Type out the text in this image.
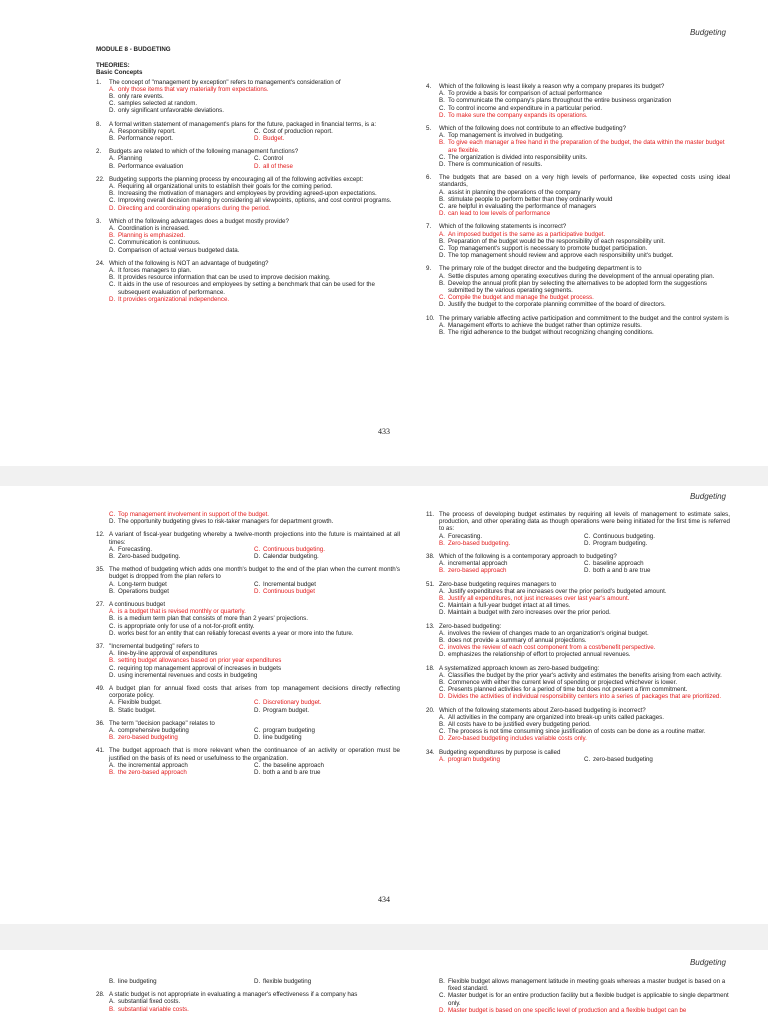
Budgeting
MODULE 8 - BUDGETING
THEORIES:
Basic Concepts
1.	The concept of "management by exception" refers to management's consideration of
A. only those items that vary materially from expectations.
B. only rare events.
C. samples selected at random.
D. only significant unfavorable deviations.
8.	A formal written statement of management's plans for the future, packaged in financial terms, is a:
A. Responsibility report.	C. Cost of production report.
B. Performance report.	D. Budget.
2.	Budgets are related to which of the following management functions?
A. Planning	C. Control
B. Performance evaluation	D. all of these
22. Budgeting supports the planning process by encouraging all of the following activities except:
A. Requiring all organizational units to establish their goals for the coming period.
B. Increasing the motivation of managers and employees by providing agreed-upon expectations.
C. Improving overall decision making by considering all viewpoints, options, and cost control programs.
D. Directing and coordinating operations during the period.
3.	Which of the following advantages does a budget mostly provide?
A. Coordination is increased.
B. Planning is emphasized.
C. Communication is continuous.
D. Comparison of actual versus budgeted data.
24. Which of the following is NOT an advantage of budgeting?
A. It forces managers to plan.
B. It provides resource information that can be used to improve decision making.
C. It aids in the use of resources and employees by setting a benchmark that can be used for the subsequent evaluation of performance.
D. It provides organizational independence.
4.	Which of the following is least likely a reason why a company prepares its budget?
A. To provide a basis for comparison of actual performance
B. To communicate the company's plans throughout the entire business organization
C. To control income and expenditure in a particular period.
D. To make sure the company expands its operations.
5.	Which of the following does not contribute to an effective budgeting?
A. Top management is involved in budgeting.
B. To give each manager a free hand in the preparation of the budget, the data within the master budget are flexible.
C. The organization is divided into responsibility units.
D. There is communication of results.
6.	The budgets that are based on a very high levels of performance, like expected costs using ideal standards,
A. assist in planning the operations of the company
B. stimulate people to perform better than they ordinarily would
C. are helpful in evaluating the performance of managers
D. can lead to low levels of performance
7.	Which of the following statements is incorrect?
A. An imposed budget is the same as a participative budget.
B. Preparation of the budget would be the responsibility of each responsibility unit.
C. Top management's support is necessary to promote budget participation.
D. The top management should review and approve each responsibility unit's budget.
9.	The primary role of the budget director and the budgeting department is to
A. Settle disputes among operating executives during the development of the annual operating plan.
B. Develop the annual profit plan by selecting the alternatives to be adopted form the suggestions submitted by the various operating segments.
C. Compile the budget and manage the budget process.
D. Justify the budget to the corporate planning committee of the board of directors.
10. The primary variable affecting active participation and commitment to the budget and the control system is
A. Management efforts to achieve the budget rather than optimize results.
B. The rigid adherence to the budget without recognizing changing conditions.
433
Budgeting
C. Top management involvement in support of the budget.
D. The opportunity budgeting gives to risk-taker managers for department growth.
12. A variant of fiscal-year budgeting whereby a twelve-month projections into the future is maintained at all times:
A. Forecasting.	C. Continuous budgeting.
B. Zero-based budgeting.	D. Calendar budgeting.
35. The method of budgeting which adds one month's budget to the end of the plan when the current month's budget is dropped from the plan refers to
A. Long-term budget	C. Incremental budget
B. Operations budget	D. Continuous budget
27. A continuous budget
A. is a budget that is revised monthly or quarterly.
B. is a medium term plan that consists of more than 2 years' projections.
C. is appropriate only for use of a not-for-profit entity.
D. works best for an entity that can reliably forecast events a year or more into the future.
37. "Incremental budgeting" refers to
A. line-by-line approval of expenditures
B. setting budget allowances based on prior year expenditures
C. requiring top management approval of increases in budgets
D. using incremental revenues and costs in budgeting
49. A budget plan for annual fixed costs that arises from top management decisions directly reflecting corporate policy.
A. Flexible budget.	C. Discretionary budget.
B. Static budget.	D. Program budget.
36. The term "decision package" relates to
A. comprehensive budgeting	C. program budgeting
B. zero-based budgeting	D. line budgeting
41. The budget approach that is more relevant when the continuance of an activity or operation must be justified on the basis of its need or usefulness to the organization.
A. the incremental approach	C. the baseline approach
B. the zero-based approach	D. both a and b are true
11. The process of developing budget estimates by requiring all levels of management to estimate sales, production, and other operating data as though operations were being initiated for the first time is referred to as:
A. Forecasting.	C. Continuous budgeting.
B. Zero-based budgeting.	D. Program budgeting.
38. Which of the following is a contemporary approach to budgeting?
A. incremental approach	C. baseline approach
B. zero-based approach	D. both a and b are true
51. Zero-base budgeting requires managers to
A. Justify expenditures that are increases over the prior period's budgeted amount.
B. Justify all expenditures, not just increases over last year's amount.
C. Maintain a full-year budget intact at all times.
D. Maintain a budget with zero increases over the prior period.
13. Zero-based budgeting:
A. involves the review of changes made to an organization's original budget.
B. does not provide a summary of annual projections.
C. involves the review of each cost component from a cost/benefit perspective.
D. emphasizes the relationship of effort to projected annual revenues.
18. A systematized approach known as zero-based budgeting:
A. Classifies the budget by the prior year's activity and estimates the benefits arising from each activity.
B. Commence with either the current level of spending or projected whichever is lower.
C. Presents planned activities for a period of time but does not present a firm commitment.
D. Divides the activities of individual responsibility centers into a series of packages that are prioritized.
20. Which of the following statements about Zero-based budgeting is incorrect?
A. All activities in the company are organized into break-up units called packages.
B. All costs have to be justified every budgeting period.
C. The process is not time consuming since justification of costs can be done as a routine matter.
D. Zero-based budgeting includes variable costs only.
34. Budgeting expenditures by purpose is called
A. program budgeting	C. zero-based budgeting
434
Budgeting
B. line budgeting	D. flexible budgeting
28. A static budget is not appropriate in evaluating a manager's effectiveness if a company has
A. substantial fixed costs.
B. substantial variable costs.
B. Flexible budget allows management latitude in meeting goals whereas a master budget is based on a fixed standard.
C. Master budget is for an entire production facility but a flexible budget is applicable to single department only.
D. Master budget is based on one specific level of production and a flexible budget can be
